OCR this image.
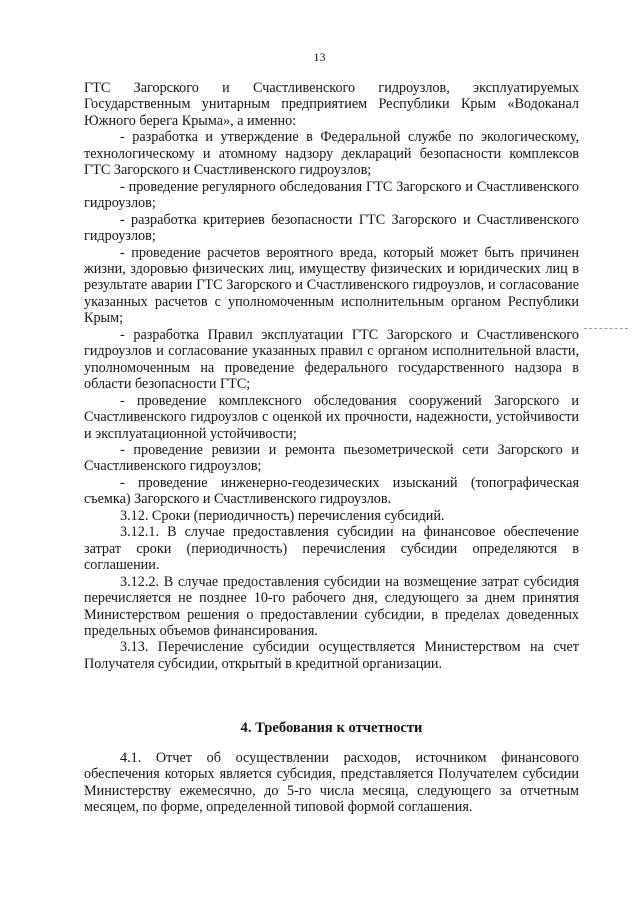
13

ГТС Загорского и Счастливенского гидроузлов, эксплуатируемых Государственным унитарным предприятием Республики Крым «Водоканал Южного берега Крыма», а именно:

- разработка и утверждение в Федеральной службе по экологическому, технологическому и атомному надзору деклараций безопасности комплексов ГТС Загорского и Счастливенского гидроузлов;

- проведение регулярного обследования ГТС Загорского и Счастливенского гидроузлов;

- разработка критериев безопасности ГТС Загорского и Счастливенского гидроузлов;

- проведение расчетов вероятного вреда, который может быть причинен жизни, здоровью физических лиц, имуществу физических и юридических лиц в результате аварии ГТС Загорского и Счастливенского гидроузлов, и согласование указанных расчетов с уполномоченным исполнительным органом Республики Крым;

- разработка Правил эксплуатации ГТС Загорского и Счастливенского гидроузлов и согласование указанных правил с органом исполнительной власти, уполномоченным на проведение федерального государственного надзора в области безопасности ГТС;

- проведение комплексного обследования сооружений Загорского и Счастливенского гидроузлов с оценкой их прочности, надежности, устойчивости и эксплуатационной устойчивости;

- проведение ревизии и ремонта пьезометрической сети Загорского и Счастливенского гидроузлов;

- проведение инженерно-геодезических изысканий (топографическая съемка) Загорского и Счастливенского гидроузлов.

3.12. Сроки (периодичность) перечисления субсидий.

3.12.1. В случае предоставления субсидии на финансовое обеспечение затрат сроки (периодичность) перечисления субсидии определяются в соглашении.

3.12.2. В случае предоставления субсидии на возмещение затрат субсидия перечисляется не позднее 10-го рабочего дня, следующего за днем принятия Министерством решения о предоставлении субсидии, в пределах доведенных предельных объемов финансирования.

3.13. Перечисление субсидии осуществляется Министерством на счет Получателя субсидии, открытый в кредитной организации.

4. Требования к отчетности

4.1. Отчет об осуществлении расходов, источником финансового обеспечения которых является субсидия, представляется Получателем субсидии Министерству ежемесячно, до 5-го числа месяца, следующего за отчетным месяцем, по форме, определенной типовой формой соглашения.
